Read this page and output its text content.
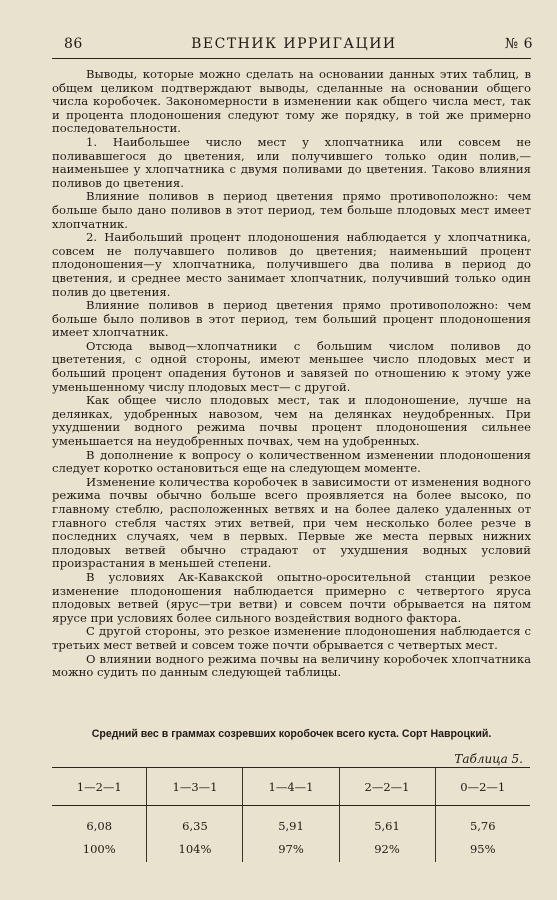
86	ВЕСТНИК ИРРИГАЦИИ	№ 6

Выводы, которые можно сделать на основании данных этих таблиц, в общем целиком подтверждают выводы, сделанные на основании общего числа коробочек. Закономерности в изменении как общего числа мест, так и процента плодоношения следуют тому же порядку, в той же примерно последовательности.

1. Наибольшее число мест у хлопчатника или совсем не поливавшегося до цветения, или получившего только один полив,—наименьшее у хлопчатника с двумя поливами до цветения. Таково влияния поливов до цветения.

Влияние поливов в период цветения прямо противоположно: чем больше было дано поливов в этот период, тем больше плодовых мест имеет хлопчатник.

2. Наибольший процент плодоношения наблюдается у хлопчатника, совсем не получавшего поливов до цветения; наименьший процент плодоношения—у хлопчатника, получившего два полива в период до цветения, и среднее место занимает хлопчатник, получивший только один полив до цветения.

Влияние поливов в период цветения прямо противоположно: чем больше было поливов в этот период, тем больший процент плодоношения имеет хлопчатник.

Отсюда вывод—хлопчатники с большим числом поливов до цвететения, с одной стороны, имеют меньшее число плодовых мест и больший процент опадения бутонов и завязей по отношению к этому уже уменьшенному числу плодовых мест— с другой.

Как общее число плодовых мест, так и плодоношение, лучше на делянках, удобренных навозом, чем на делянках неудобренных. При ухудшении водного режима почвы процент плодоношения сильнее уменьшается на неудобренных почвах, чем на удобренных.

В дополнение к вопросу о количественном изменении плодоношения следует коротко остановиться еще на следующем моменте.

Изменение количества коробочек в зависимости от изменения водного режима почвы обычно больше всего проявляется на более высоко, по главному стеблю, расположенных ветвях и на более далеко удаленных от главного стебля частях этих ветвей, при чем несколько более резче в последних случаях, чем в первых. Первые же места первых нижних плодовых ветвей обычно страдают от ухудшения водных условий произрастания в меньшей степени.

В условиях Ак-Кавакской опытно-оросительной станции резкое изменение плодоношения наблюдается примерно с четвертого яруса плодовых ветвей (ярус—три ветви) и совсем почти обрывается на пятом ярусе при условиях более сильного воздействия водного фактора.

С другой стороны, это резкое изменение плодоношения наблюдается с третьих мест ветвей и совсем тоже почти обрывается с четвертых мест.

О влиянии водного режима почвы на величину коробочек хлопчатника можно судить по данным следующей таблицы.

Средний вес в граммах созревших коробочек всего куста. Сорт Навроцкий.
Таблица 5.
1—2—1	1—3—1	1—4—1	2—2—1	0—2—1
6,08	6,35	5,91	5,61	5,76
100%	104%	97%	92%	95%
